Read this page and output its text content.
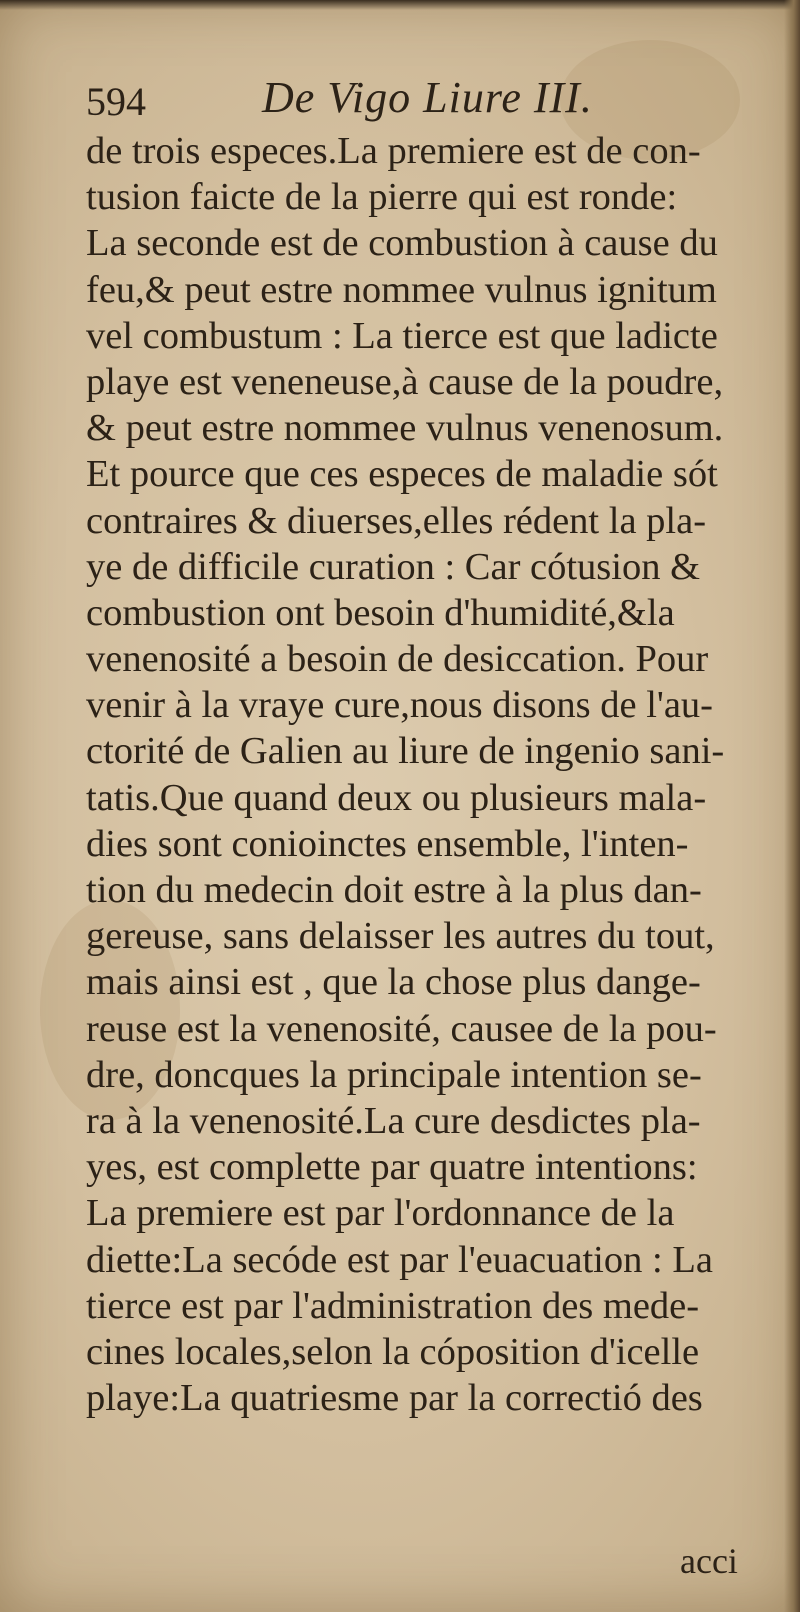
594	De Vigo Liure III.
de trois especes.La premiere est de con-
tusion faicte de la pierre qui est ronde:
La seconde est de combustion à cause du
feu,& peut estre nommee vulnus ignitum
vel combustum : La tierce est que ladicte
playe est veneneuse,à cause de la poudre,
& peut estre nommee vulnus venenosum.
Et pource que ces especes de maladie sót
contraires & diuerses,elles rédent la pla-
ye de difficile curation : Car cótusion &
combustion ont besoin d'humidité,&la
venenosité a besoin de desiccation. Pour
venir à la vraye cure,nous disons de l'au-
ctorité de Galien au liure de ingenio sani-
tatis.Que quand deux ou plusieurs mala-
dies sont conioinctes ensemble, l'inten-
tion du medecin doit estre à la plus dan-
gereuse, sans delaisser les autres du tout,
mais ainsi est , que la chose plus dange-
reuse est la venenosité, causee de la pou-
dre, doncques la principale intention se-
ra à la venenosité.La cure desdictes pla-
yes, est complette par quatre intentions:
La premiere est par l'ordonnance de la
diette:La secóde est par l'euacuation : La
tierce est par l'administration des mede-
cines locales,selon la cóposition d'icelle
playe:La quatriesme par la correctió des
acci
